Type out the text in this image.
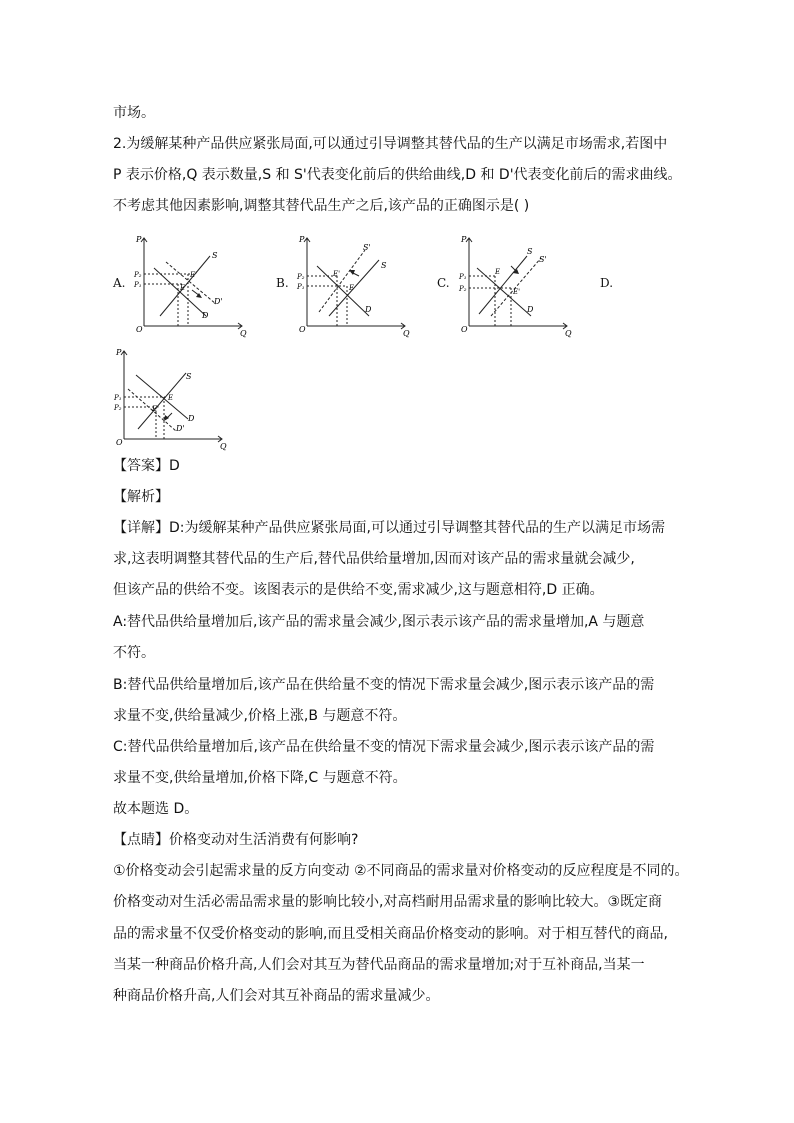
市场。
2.为缓解某种产品供应紧张局面,可以通过引导调整其替代品的生产以满足市场需求,若图中
P 表示价格,Q 表示数量,S 和 S'代表变化前后的供给曲线,D 和 D'代表变化前后的需求曲线。
不考虑其他因素影响,调整其替代品生产之后,该产品的正确图示是( )
A.	B.	C.	D.
P
Q
O
S
D
D'
E
E'
P₂
P₁
P
Q
O
S
S'
D
E'
E
P₂
P₁
P
Q
O
S
S'
D
E
E'
P₁
P₂
P
Q
O
S
D
D'
E
E'
P₁
P₂
【答案】D
【解析】
【详解】D:为缓解某种产品供应紧张局面,可以通过引导调整其替代品的生产以满足市场需
求,这表明调整其替代品的生产后,替代品供给量增加,因而对该产品的需求量就会减少,
但该产品的供给不变。该图表示的是供给不变,需求减少,这与题意相符,D 正确。
A:替代品供给量增加后,该产品的需求量会减少,图示表示该产品的需求量增加,A 与题意
不符。
B:替代品供给量增加后,该产品在供给量不变的情况下需求量会减少,图示表示该产品的需
求量不变,供给量减少,价格上涨,B 与题意不符。
C:替代品供给量增加后,该产品在供给量不变的情况下需求量会减少,图示表示该产品的需
求量不变,供给量增加,价格下降,C 与题意不符。
故本题选 D。
【点睛】价格变动对生活消费有何影响?
①价格变动会引起需求量的反方向变动 ②不同商品的需求量对价格变动的反应程度是不同的。
价格变动对生活必需品需求量的影响比较小,对高档耐用品需求量的影响比较大。③既定商
品的需求量不仅受价格变动的影响,而且受相关商品价格变动的影响。对于相互替代的商品,
当某一种商品价格升高,人们会对其互为替代品商品的需求量增加;对于互补商品,当某一
种商品价格升高,人们会对其互补商品的需求量减少。
